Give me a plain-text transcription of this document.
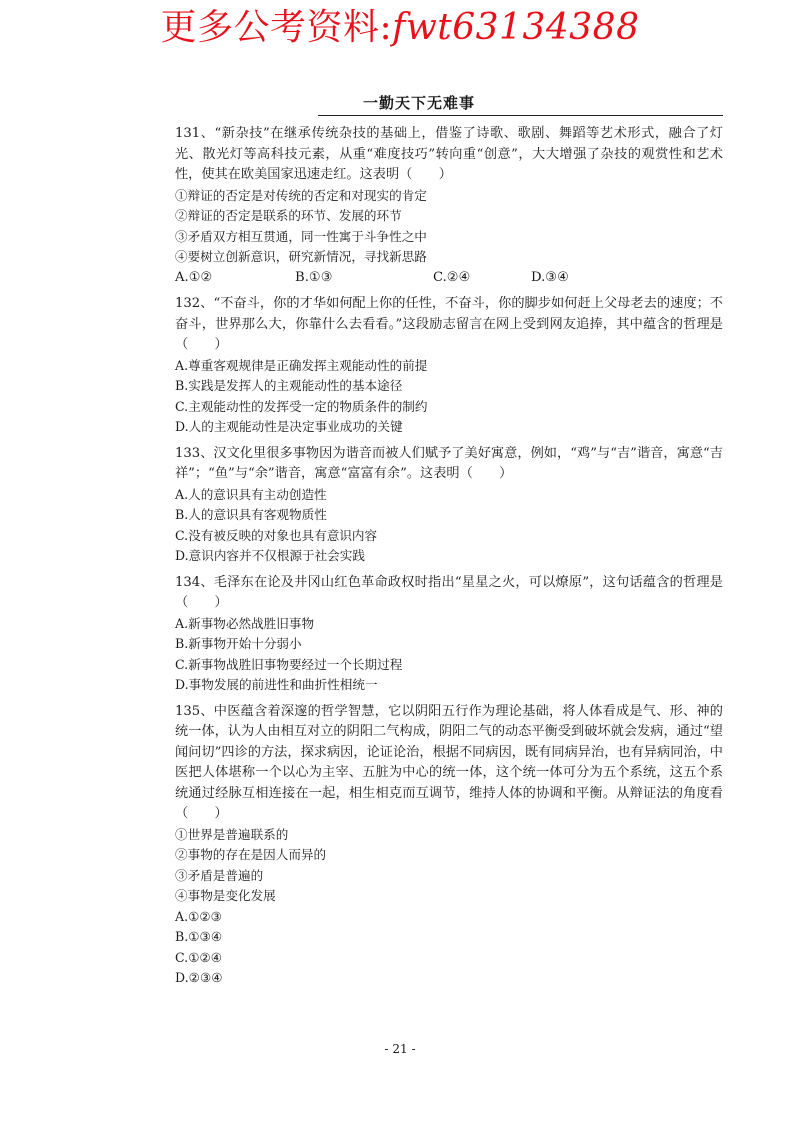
更多公考资料:fwt63134388
一勤天下无难事
131、“新杂技”在继承传统杂技的基础上，借鉴了诗歌、歌剧、舞蹈等艺术形式，融合了灯光、散光灯等高科技元素，从重“难度技巧”转向重“创意”，大大增强了杂技的观赏性和艺术性，使其在欧美国家迅速走红。这表明（　　）
①辩证的否定是对传统的否定和对现实的肯定
②辩证的否定是联系的环节、发展的环节
③矛盾双方相互贯通，同一性寓于斗争性之中
④要树立创新意识，研究新情况，寻找新思路
A.①②	B.①③	C.②④	D.③④
132、“不奋斗，你的才华如何配上你的任性，不奋斗，你的脚步如何赶上父母老去的速度；不奋斗，世界那么大，你靠什么去看看。”这段励志留言在网上受到网友追捧，其中蕴含的哲理是（　　）
A.尊重客观规律是正确发挥主观能动性的前提
B.实践是发挥人的主观能动性的基本途径
C.主观能动性的发挥受一定的物质条件的制约
D.人的主观能动性是决定事业成功的关键
133、汉文化里很多事物因为谐音而被人们赋予了美好寓意，例如，“鸡”与“吉”谐音，寓意“吉祥”；“鱼”与“余”谐音，寓意“富富有余”。这表明（　　）
A.人的意识具有主动创造性
B.人的意识具有客观物质性
C.没有被反映的对象也具有意识内容
D.意识内容并不仅根源于社会实践
134、毛泽东在论及井冈山红色革命政权时指出“星星之火，可以燎原”，这句话蕴含的哲理是（　　）
A.新事物必然战胜旧事物
B.新事物开始十分弱小
C.新事物战胜旧事物要经过一个长期过程
D.事物发展的前进性和曲折性相统一
135、中医蕴含着深邃的哲学智慧，它以阴阳五行作为理论基础，将人体看成是气、形、神的统一体，认为人由相互对立的阴阳二气构成，阴阳二气的动态平衡受到破坏就会发病，通过“望闻问切”四诊的方法，探求病因，论证论治，根据不同病因，既有同病异治，也有异病同治，中医把人体堪称一个以心为主宰、五脏为中心的统一体，这个统一体可分为五个系统，这五个系统通过经脉互相连接在一起，相生相克而互调节，维持人体的协调和平衡。从辩证法的角度看（　　）
①世界是普遍联系的
②事物的存在是因人而异的
③矛盾是普遍的
④事物是变化发展
A.①②③
B.①③④
C.①②④
D.②③④
- 21 -
